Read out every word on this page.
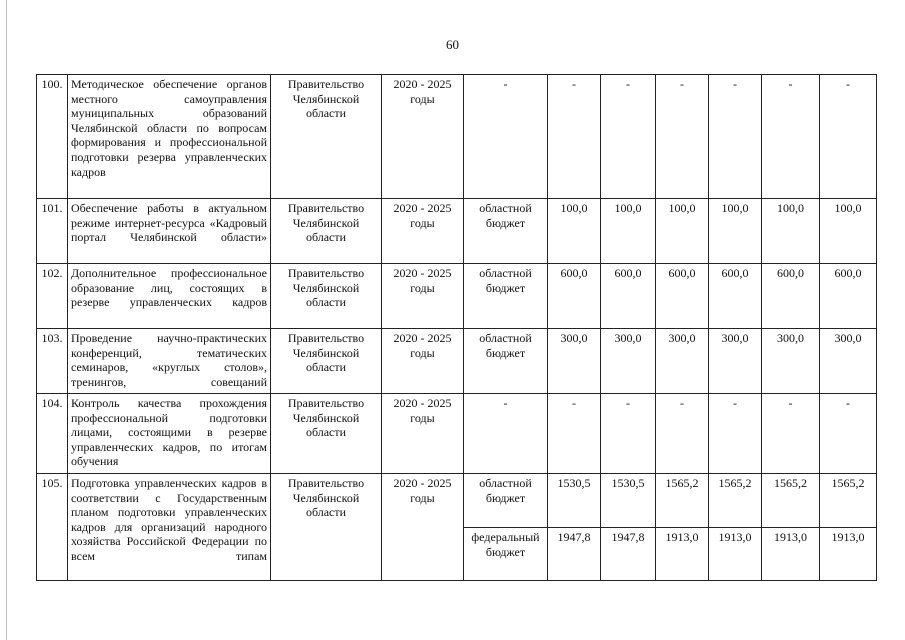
60
100.	Методическое обеспечение органов местного самоуправления муниципальных образований Челябинской области по вопросам формирования и профессиональной подготовки резерва управленческих кадров	Правительство Челябинской области	2020 - 2025 годы	-	-	-	-	-	-	-
101.	Обеспечение работы в актуальном режиме интернет-ресурса «Кадровый портал Челябинской области»	Правительство Челябинской области	2020 - 2025 годы	областной бюджет	100,0	100,0	100,0	100,0	100,0	100,0
102.	Дополнительное профессиональное образование лиц, состоящих в резерве управленческих кадров	Правительство Челябинской области	2020 - 2025 годы	областной бюджет	600,0	600,0	600,0	600,0	600,0	600,0
103.	Проведение научно-практических конференций, тематических семинаров, «круглых столов», тренингов, совещаний	Правительство Челябинской области	2020 - 2025 годы	областной бюджет	300,0	300,0	300,0	300,0	300,0	300,0
104.	Контроль качества прохождения профессиональной подготовки лицами, состоящими в резерве управленческих кадров, по итогам обучения	Правительство Челябинской области	2020 - 2025 годы	-	-	-	-	-	-	-
105.	Подготовка управленческих кадров в соответствии с Государственным планом подготовки управленческих кадров для организаций народного хозяйства Российской Федерации по всем типам	Правительство Челябинской области	2020 - 2025 годы	областной бюджет	1530,5	1530,5	1565,2	1565,2	1565,2	1565,2
				федеральный бюджет	1947,8	1947,8	1913,0	1913,0	1913,0	1913,0
